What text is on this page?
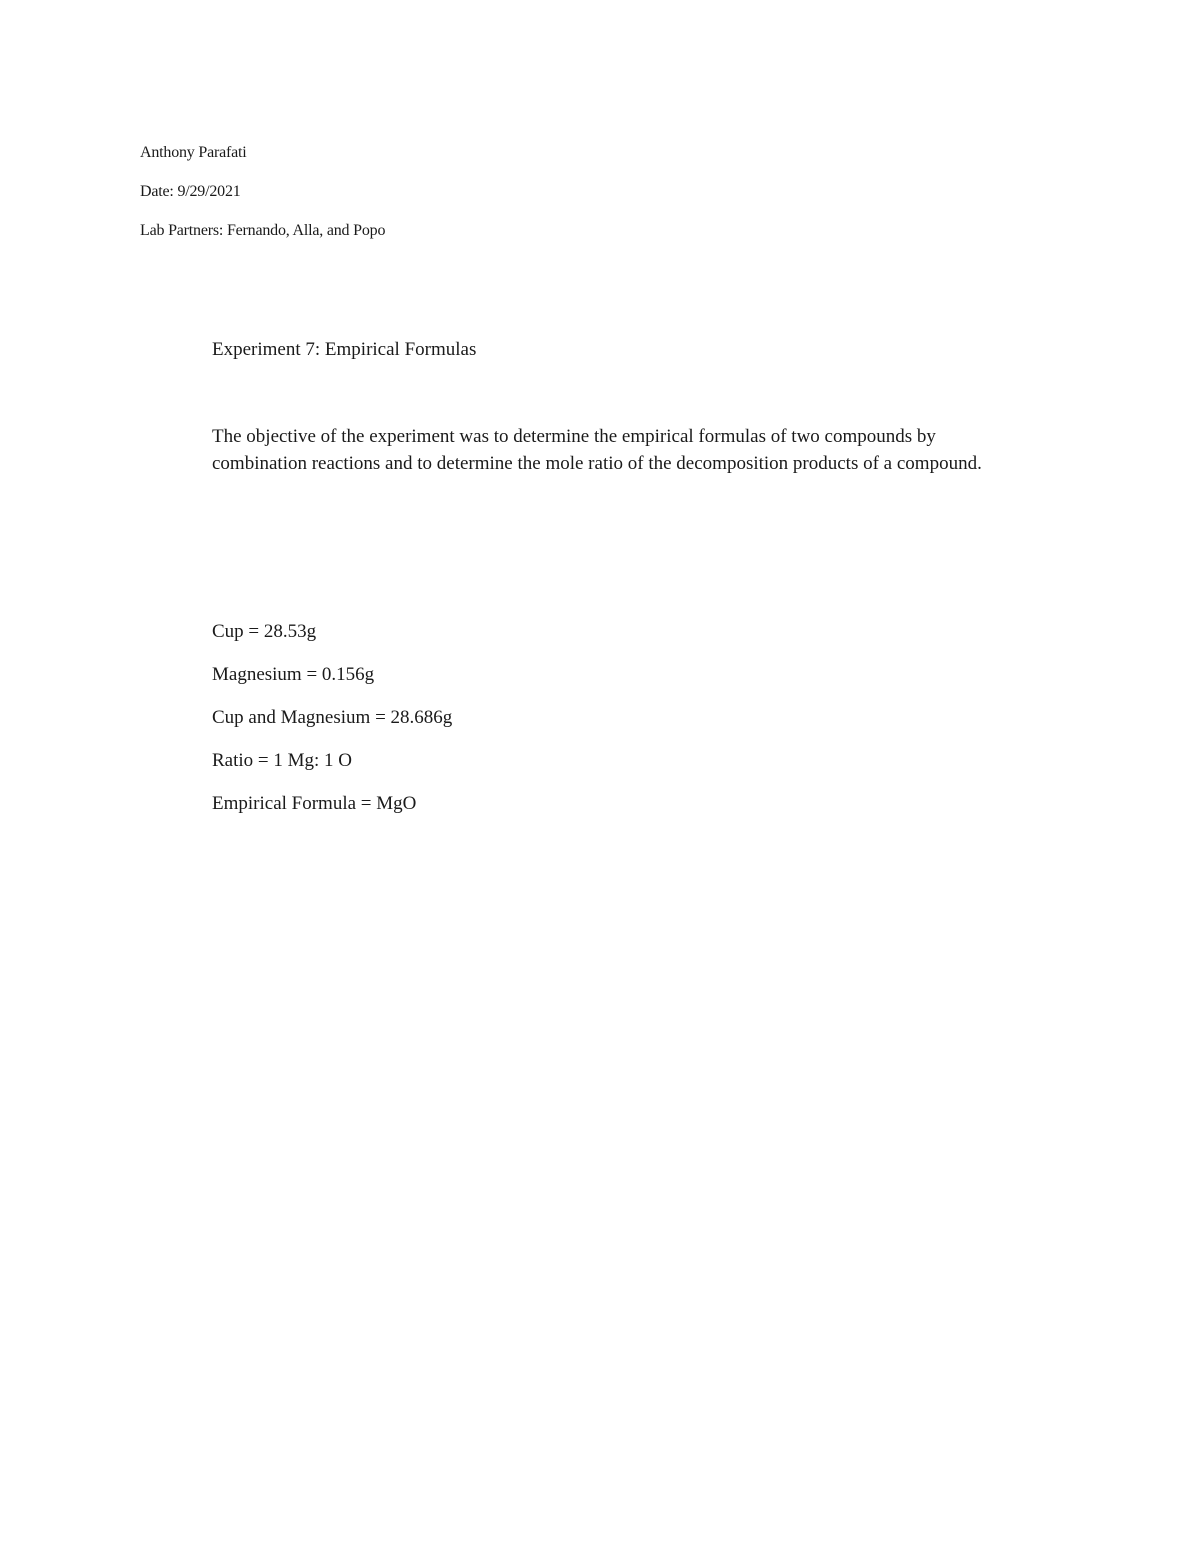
Anthony Parafati
Date: 9/29/2021
Lab Partners: Fernando, Alla, and Popo
Experiment 7: Empirical Formulas

The objective of the experiment was to determine the empirical formulas of two compounds by

combination reactions and to determine the mole ratio of the decomposition products of a compound.

Cup = 28.53g
Magnesium = 0.156g
Cup and Magnesium = 28.686g
Ratio = 1 Mg: 1 O
Empirical Formula = MgO
